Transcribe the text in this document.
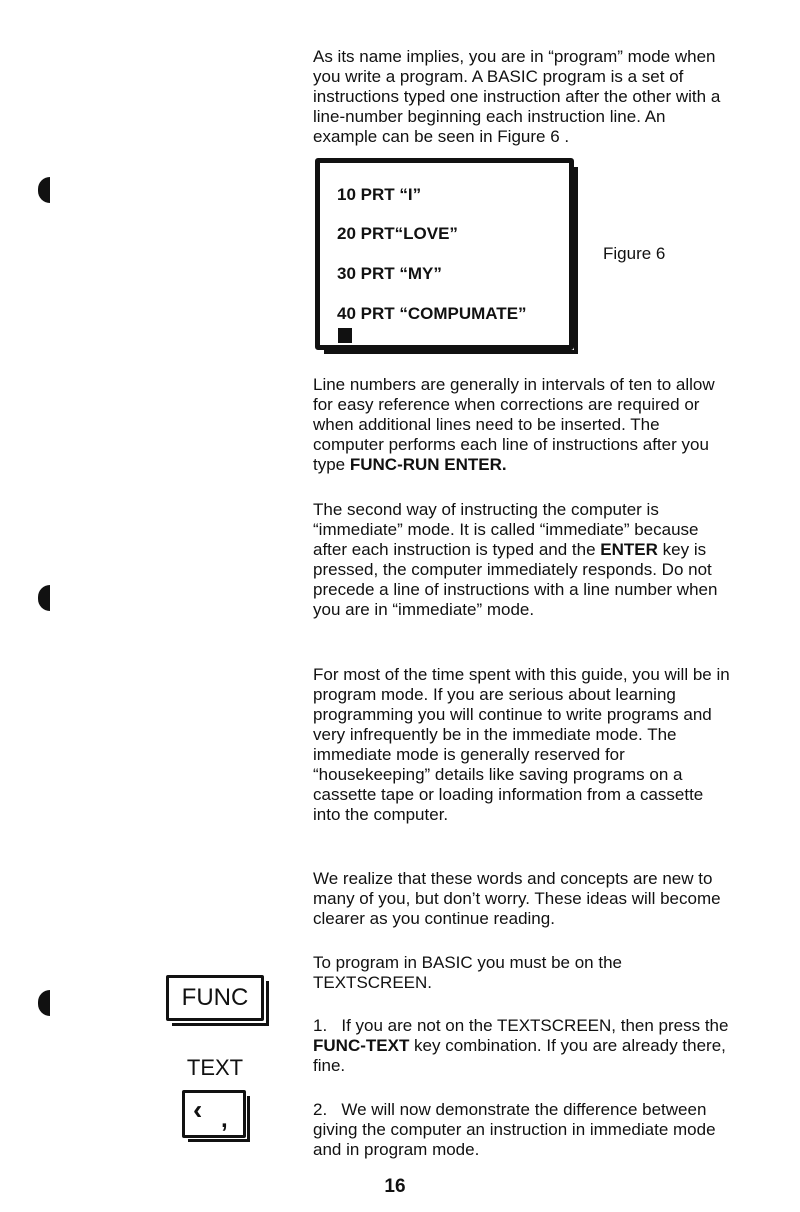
As its name implies, you are in “program” mode when you write a program. A BASIC program is a set of instructions typed one instruction after the other with a line-number beginning each instruction line. An example can be seen in Figure 6 .

10 PRT “I”
20 PRT“LOVE”
30 PRT “MY”
40 PRT “COMPUMATE”
Figure 6

Line numbers are generally in intervals of ten to allow for easy reference when corrections are required or when additional lines need to be inserted. The computer performs each line of instructions after you type FUNC-RUN ENTER.

The second way of instructing the computer is “immediate” mode. It is called “immediate” because after each instruction is typed and the ENTER key is pressed, the computer immediately responds. Do not precede a line of instructions with a line number when you are in “immediate” mode.

For most of the time spent with this guide, you will be in program mode. If you are serious about learning programming you will continue to write programs and very infrequently be in the immediate mode. The immediate mode is generally reserved for “housekeeping” details like saving programs on a cassette tape or loading information from a cassette into the computer.

We realize that these words and concepts are new to many of you, but don’t worry. These ideas will become clearer as you continue reading.

To program in BASIC you must be on the TEXTSCREEN.

1.   If you are not on the TEXTSCREEN, then press the FUNC-TEXT key combination. If you are already there, fine.

2.   We will now demonstrate the difference between giving the computer an instruction in immediate mode and in program mode.

FUNC
TEXT
‹ ,
16
